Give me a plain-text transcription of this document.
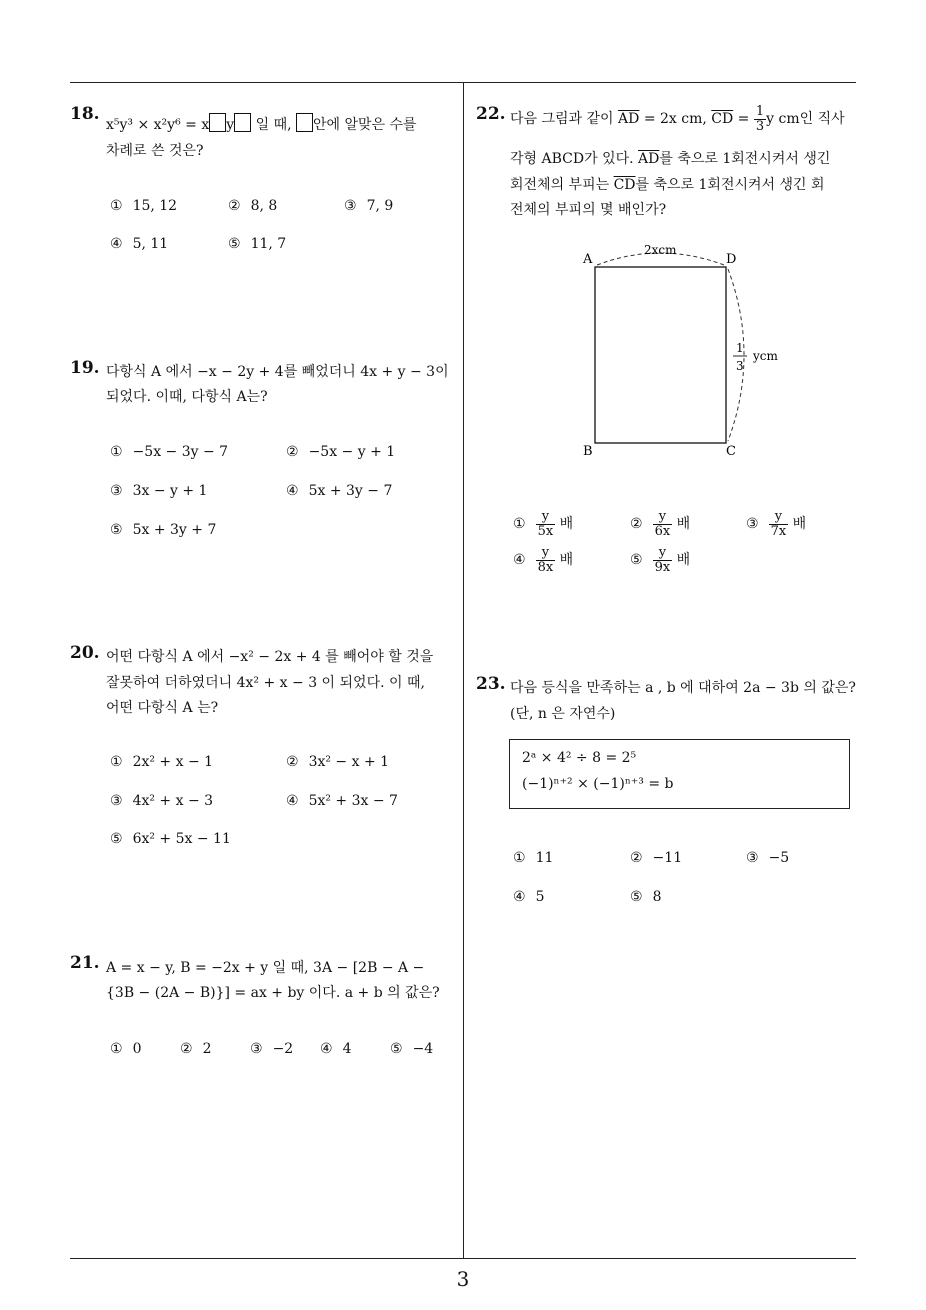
3
18.
x⁵y³ × x²y⁶ = x y 일 때, 안에 알맞은 수를
차례로 쓴 것은?
① 15, 12	② 8, 8	③ 7, 9
④ 5, 11	⑤ 11, 7
19. 다항식 A 에서 −x − 2y + 4를 빼었더니 4x + y − 3이
되었다. 이때, 다항식 A는?
① −5x − 3y − 7	② −5x − y + 1
③ 3x − y + 1	④ 5x + 3y − 7
⑤ 5x + 3y + 7
20. 어떤 다항식 A 에서 −x² − 2x + 4 를 빼어야 할 것을
잘못하여 더하였더니 4x² + x − 3 이 되었다. 이 때,
어떤 다항식 A 는?
① 2x² + x − 1	② 3x² − x + 1
③ 4x² + x − 3	④ 5x² + 3x − 7
⑤ 6x² + 5x − 11
21. A = x − y, B = −2x + y 일 때, 3A − [2B − A −
{3B − (2A − B)}] = ax + by 이다. a + b 의 값은?
① 0	② 2	③ −2 ④ 4	⑤ −4
22. 다음 그림과 같이 $\overline{AD} = 2x$ cm, $\overline{CD} = \frac{1}{3}$ y cm인 직사
각형 ABCD가 있다. $\overline{AD}$를 축으로 1회전시켜서 생긴
회전체의 부피는 $\overline{CD}$를 축으로 1회전시켜서 생긴 회
전체의 부피의 몇 배인가?
A	D
B	C
2xcm
1
3
ycm
① $\frac{y}{5x}$ 배	② $\frac{y}{6x}$ 배	③ $\frac{y}{7x}$ 배
④ $\frac{y}{8x}$ 배	⑤ $\frac{y}{9x}$ 배
23. 다음 등식을 만족하는 a , b 에 대하여 2a − 3b 의 값은?
(단, n 은 자연수)
2ᵃ × 4² ÷ 8 = 2⁵
(−1)ⁿ⁺² × (−1)ⁿ⁺³ = b
① 11	② −11	③ −5
④ 5	⑤ 8
